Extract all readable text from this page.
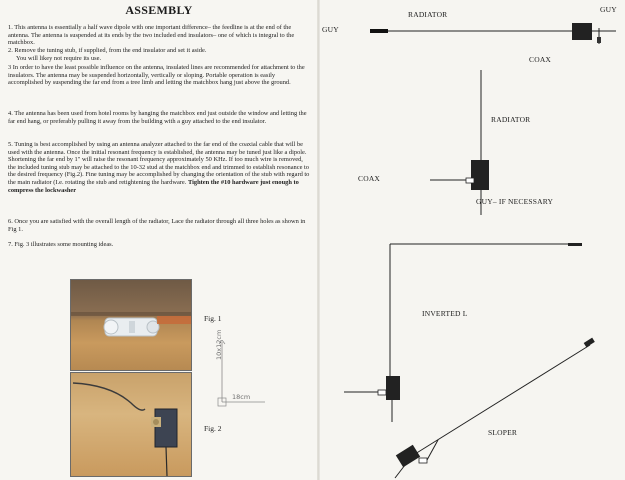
ASSEMBLY

1. This antenna is essentially a half wave dipole with one important difference– the feedline is at the end of the antenna. The antenna is suspended at its ends by the two included end insulators– one of which is integral to the matchbox.

2. Remove the tuning stub, if supplied, from the end insulator and set it aside.

You will likey not require its use.

3 In order to have the least possible influence on the antenna, insulated lines are recommended for attachment to the insulators. The antenna may be suspended horizontally, vertically or sloping. Portable operation is easily accomplished by suspending the far end from a tree limb and letting the matchbox hang just above the ground.

4. The antenna has been used from hotel rooms by hanging the matchbox end just outside the window and letting the far end hang, or preferably pulling it away from the building with a guy attached to the end insulator.

5. Tuning is best accomplished by using an antenna analyzer attached to the far end of the coaxial cable that will be used with the antenna. Once the initial resonant frequency is established, the antenna may be tuned just like a dipole. Shortening the far end by 1" will raise the resonant frequency approximately 50 KHz. If too much wire is removed, the included tuning stub may be attached to the 10-32 stud at the matchbox end and trimmed to establish resonance to the desired frequency (Fig.2). Fine tuning may be accomplished by changing the orientation of the stub with regard to the main radiator (I.e. rotating the stub and retightening the hardware. Tighten the #10 hardware just enough to compress the lockwasher

6. Once you are satisfied with the overall length of the radiator, Lace the radiator through all three holes as shown in Fig 1.

7. Fig. 3 illustrates some mounting ideas.

Fig. 1
Fig. 2
10x12cm
18cm
GUY
RADIATOR
GUY
COAX
RADIATOR
COAX
GUY– IF NECESSARY
INVERTED L
SLOPER
